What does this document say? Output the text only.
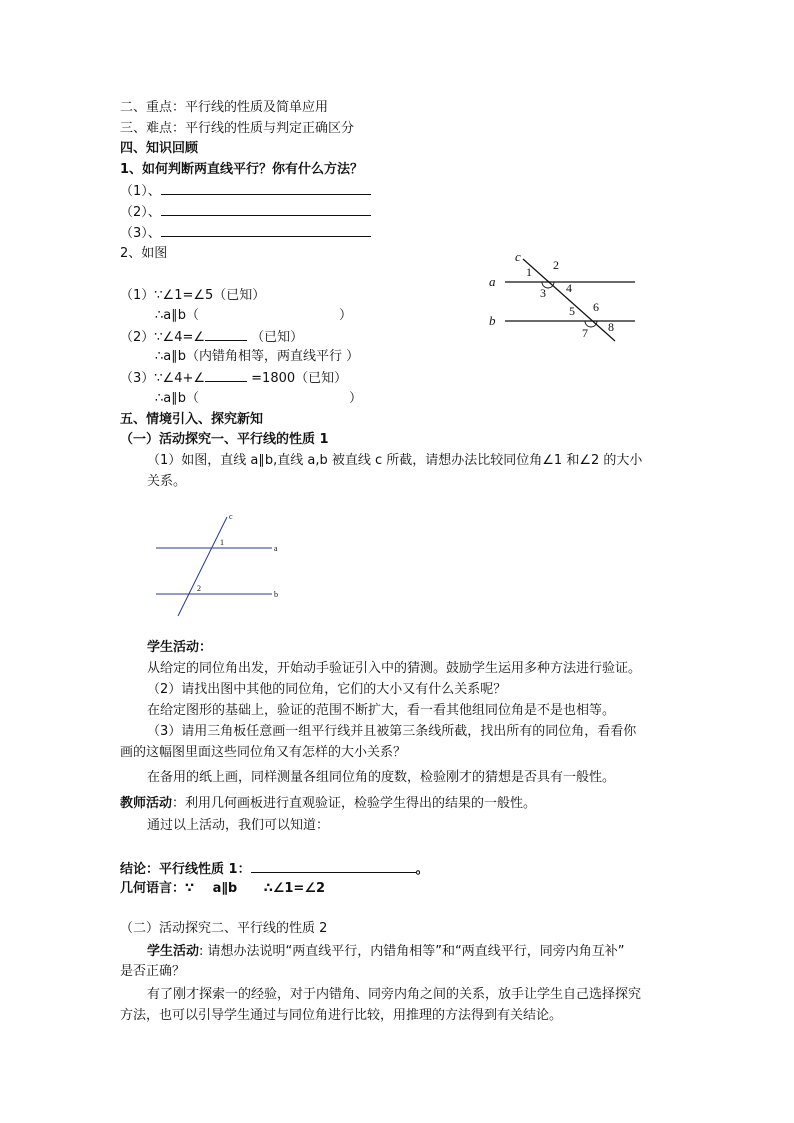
二、重点：平行线的性质及简单应用
三、难点：平行线的性质与判定正确区分
四、知识回顾
1、如何判断两直线平行？你有什么方法？
（1）、
（2）、
（3）、
2、如图
（1）∵∠1=∠5（已知）
∴a∥b（	）
（2）∵∠4=∠	（已知）
∴a∥b（内错角相等，两直线平行 ）
（3）∵∠4+∠	=1800（已知）
∴a∥b（	）
c
a
b
1 2
3 4
5 6
7 8
五、情境引入、探究新知
（一）活动探究一、平行线的性质 1
（1）如图，直线 a∥b,直线 a,b 被直线 c 所截，请想办法比较同位角∠1 和∠2 的大小
关系。
c
a
b
1
2
学生活动：
从给定的同位角出发，开始动手验证引入中的猜测。鼓励学生运用多种方法进行验证。
（2）请找出图中其他的同位角，它们的大小又有什么关系呢？
在给定图形的基础上，验证的范围不断扩大，看一看其他组同位角是不是也相等。
（3）请用三角板任意画一组平行线并且被第三条线所截，找出所有的同位角，看看你
画的这幅图里面这些同位角又有怎样的大小关系？
在备用的纸上画，同样测量各组同位角的度数，检验刚才的猜想是否具有一般性。
教师活动：利用几何画板进行直观验证，检验学生得出的结果的一般性。
通过以上活动，我们可以知道：
结论：平行线性质 1：	。
几何语言：∵ a∥b ∴∠1=∠2
（二）活动探究二、平行线的性质 2
学生活动: 请想办法说明“两直线平行，内错角相等”和“两直线平行，同旁内角互补”
是否正确？
有了刚才探索一的经验，对于内错角、同旁内角之间的关系，放手让学生自己选择探究
方法，也可以引导学生通过与同位角进行比较，用推理的方法得到有关结论。
